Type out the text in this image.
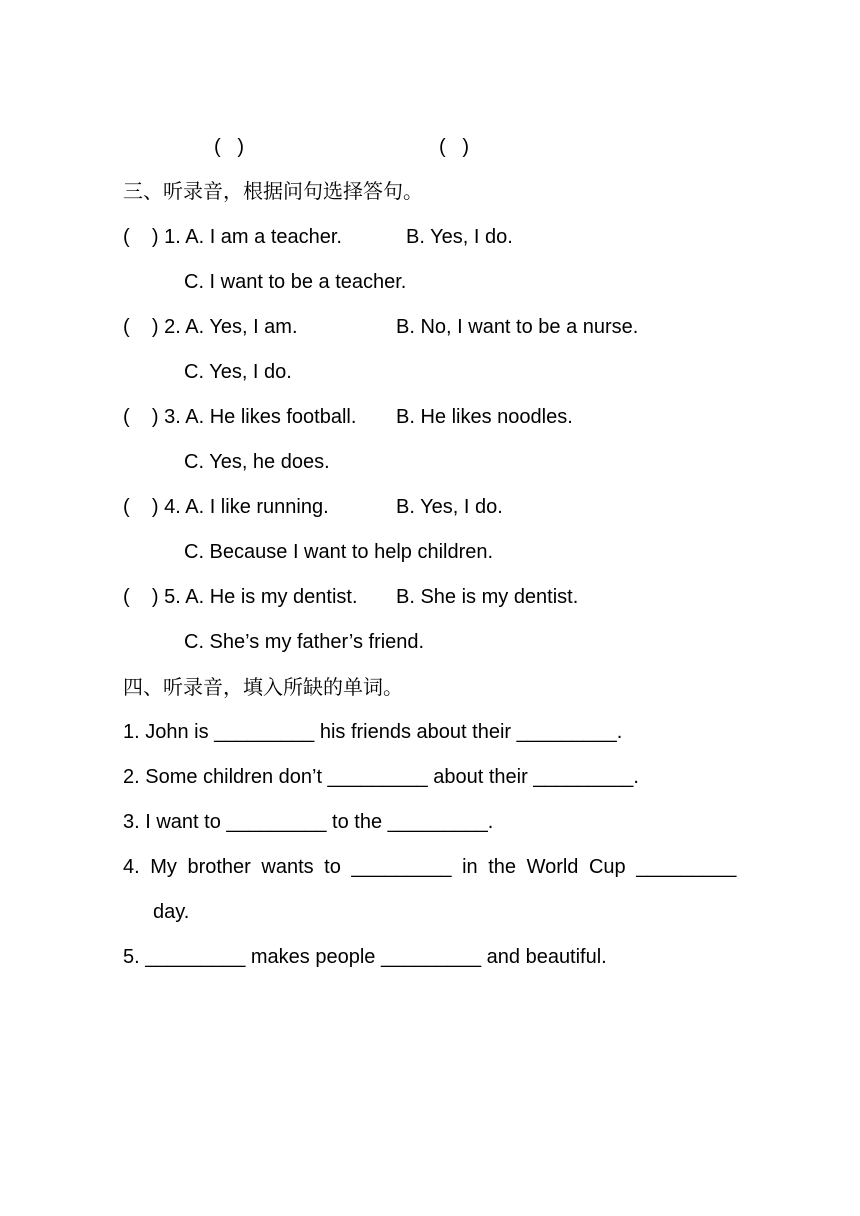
(   )	(   )
三、听录音，根据问句选择答句。
(    ) 1. A. I am a teacher.	B. Yes, I do.
C. I want to be a teacher.
(    ) 2. A. Yes, I am.	B. No, I want to be a nurse.
C. Yes, I do.
(    ) 3. A. He likes football. B. He likes noodles.
C. Yes, he does.
(    ) 4. A. I like running.	B. Yes, I do.
C. Because I want to help children.
(    ) 5. A. He is my dentist. B. She is my dentist.
C. She’s my father’s friend.
四、听录音，填入所缺的单词。
1. John is _________ his friends about their _________.
2. Some children don’t _________ about their _________.
3. I want to _________ to the _________.
4. My brother wants to _________ in the World Cup _________
day.
5. _________ makes people _________ and beautiful.
